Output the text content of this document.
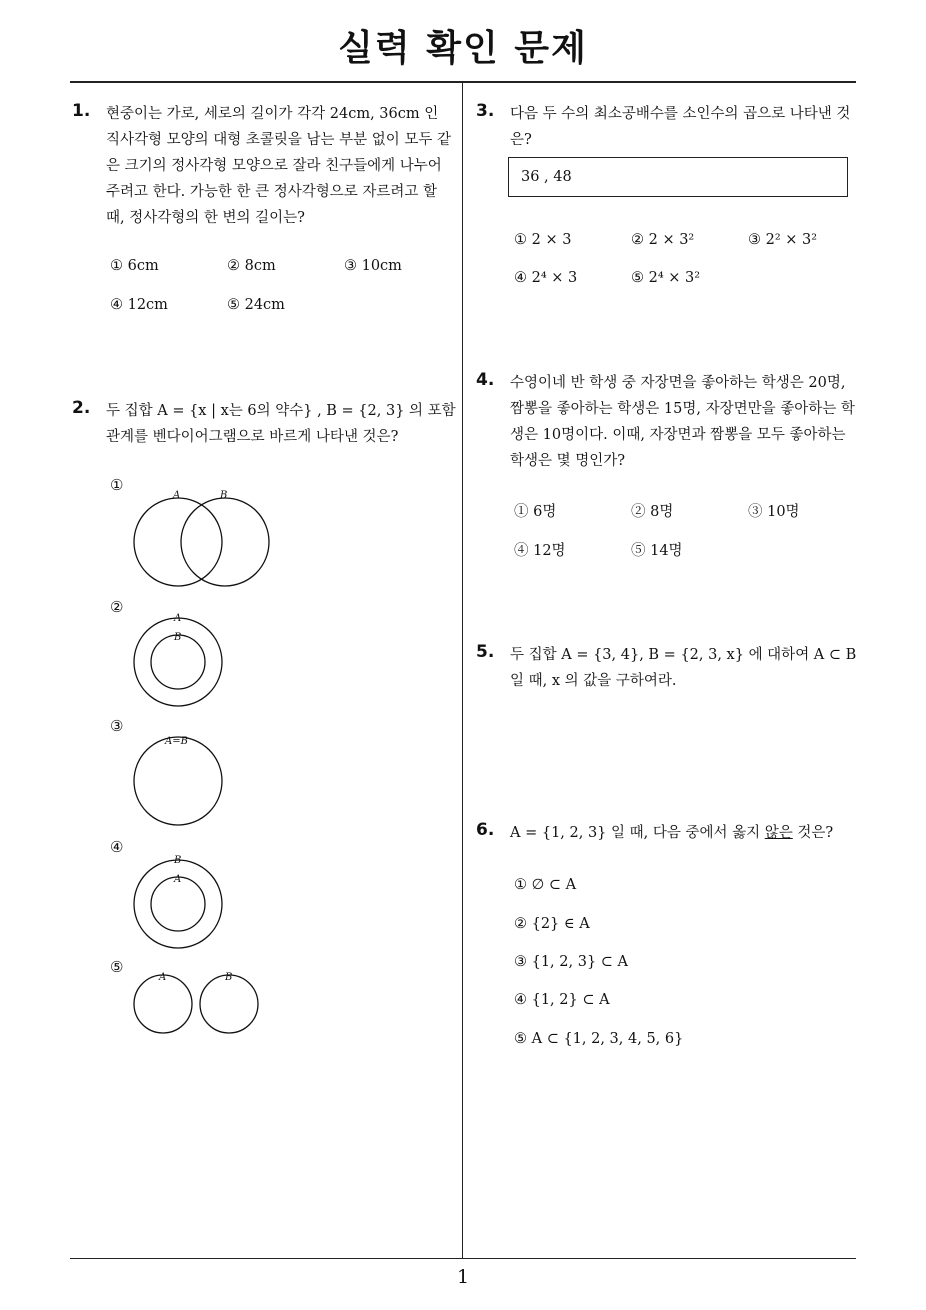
실력 확인 문제
1
1. 현중이는 가로, 세로의 길이가 각각 24cm, 36cm 인 직사각형 모양의 대형 초콜릿을 남는 부분 없이 모두 같은 크기의 정사각형 모양으로 잘라 친구들에게 나누어 주려고 한다. 가능한 한 큰 정사각형으로 자르려고 할 때, 정사각형의 한 변의 길이는?
① 6cm	② 8cm	③ 10cm
④ 12cm	⑤ 24cm
2. 두 집합 A = {x | x는 6의 약수} , B = {2, 3} 의 포함 관계를 벤다이어그램으로 바르게 나타낸 것은?
①
A	B
②
A
B
③
A=B
④
B
A
⑤
A	B
3. 다음 두 수의 최소공배수를 소인수의 곱으로 나타낸 것은?
36 , 48
① 2 × 3	② 2 × 3²	③ 2² × 3²
④ 2⁴ × 3	⑤ 2⁴ × 3²
4. 수영이네 반 학생 중 자장면을 좋아하는 학생은 20명, 짬뽕을 좋아하는 학생은 15명, 자장면만을 좋아하는 학생은 10명이다. 이때, 자장면과 짬뽕을 모두 좋아하는 학생은 몇 명인가?
① 6명	② 8명	③ 10명
④ 12명	⑤ 14명
5. 두 집합 A = {3, 4}, B = {2, 3, x} 에 대하여 A ⊂ B 일 때, x 의 값을 구하여라.
6. A = {1, 2, 3} 일 때, 다음 중에서 옳지 않은 것은?
① ∅ ⊂ A
② {2} ∈ A
③ {1, 2, 3} ⊂ A
④ {1, 2} ⊂ A
⑤ A ⊂ {1, 2, 3, 4, 5, 6}
